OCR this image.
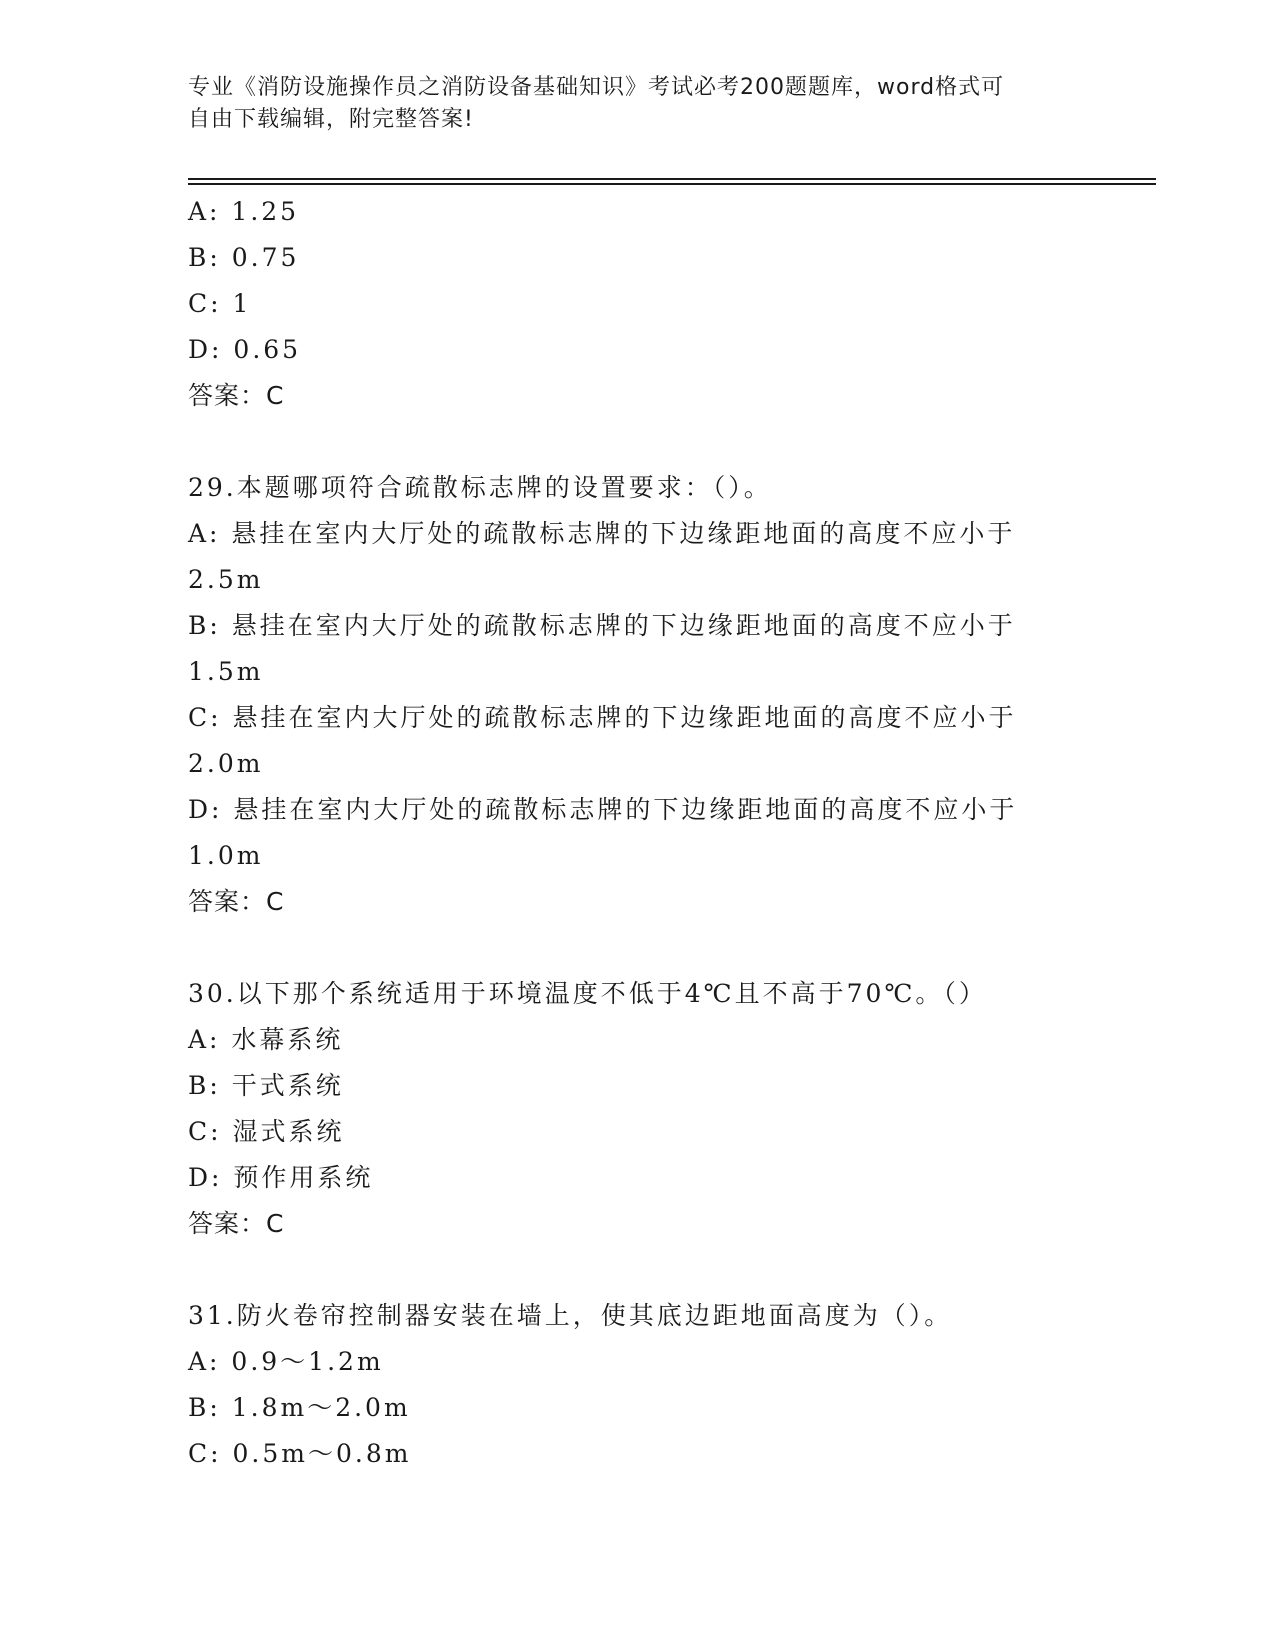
专业《消防设施操作员之消防设备基础知识》考试必考200题题库，word格式可
自由下载编辑，附完整答案!
A: 1.25
B: 0.75
C: 1
D: 0.65
答案：C
29.本题哪项符合疏散标志牌的设置要求：（）。
A: 悬挂在室内大厅处的疏散标志牌的下边缘距地面的高度不应小于
2.5m
B: 悬挂在室内大厅处的疏散标志牌的下边缘距地面的高度不应小于
1.5m
C: 悬挂在室内大厅处的疏散标志牌的下边缘距地面的高度不应小于
2.0m
D: 悬挂在室内大厅处的疏散标志牌的下边缘距地面的高度不应小于
1.0m
答案：C
30.以下那个系统适用于环境温度不低于4℃且不高于70℃。（）
A: 水幕系统
B: 干式系统
C: 湿式系统
D: 预作用系统
答案：C
31.防火卷帘控制器安装在墙上，使其底边距地面高度为（）。
A: 0.9～1.2m
B: 1.8m～2.0m
C: 0.5m～0.8m
